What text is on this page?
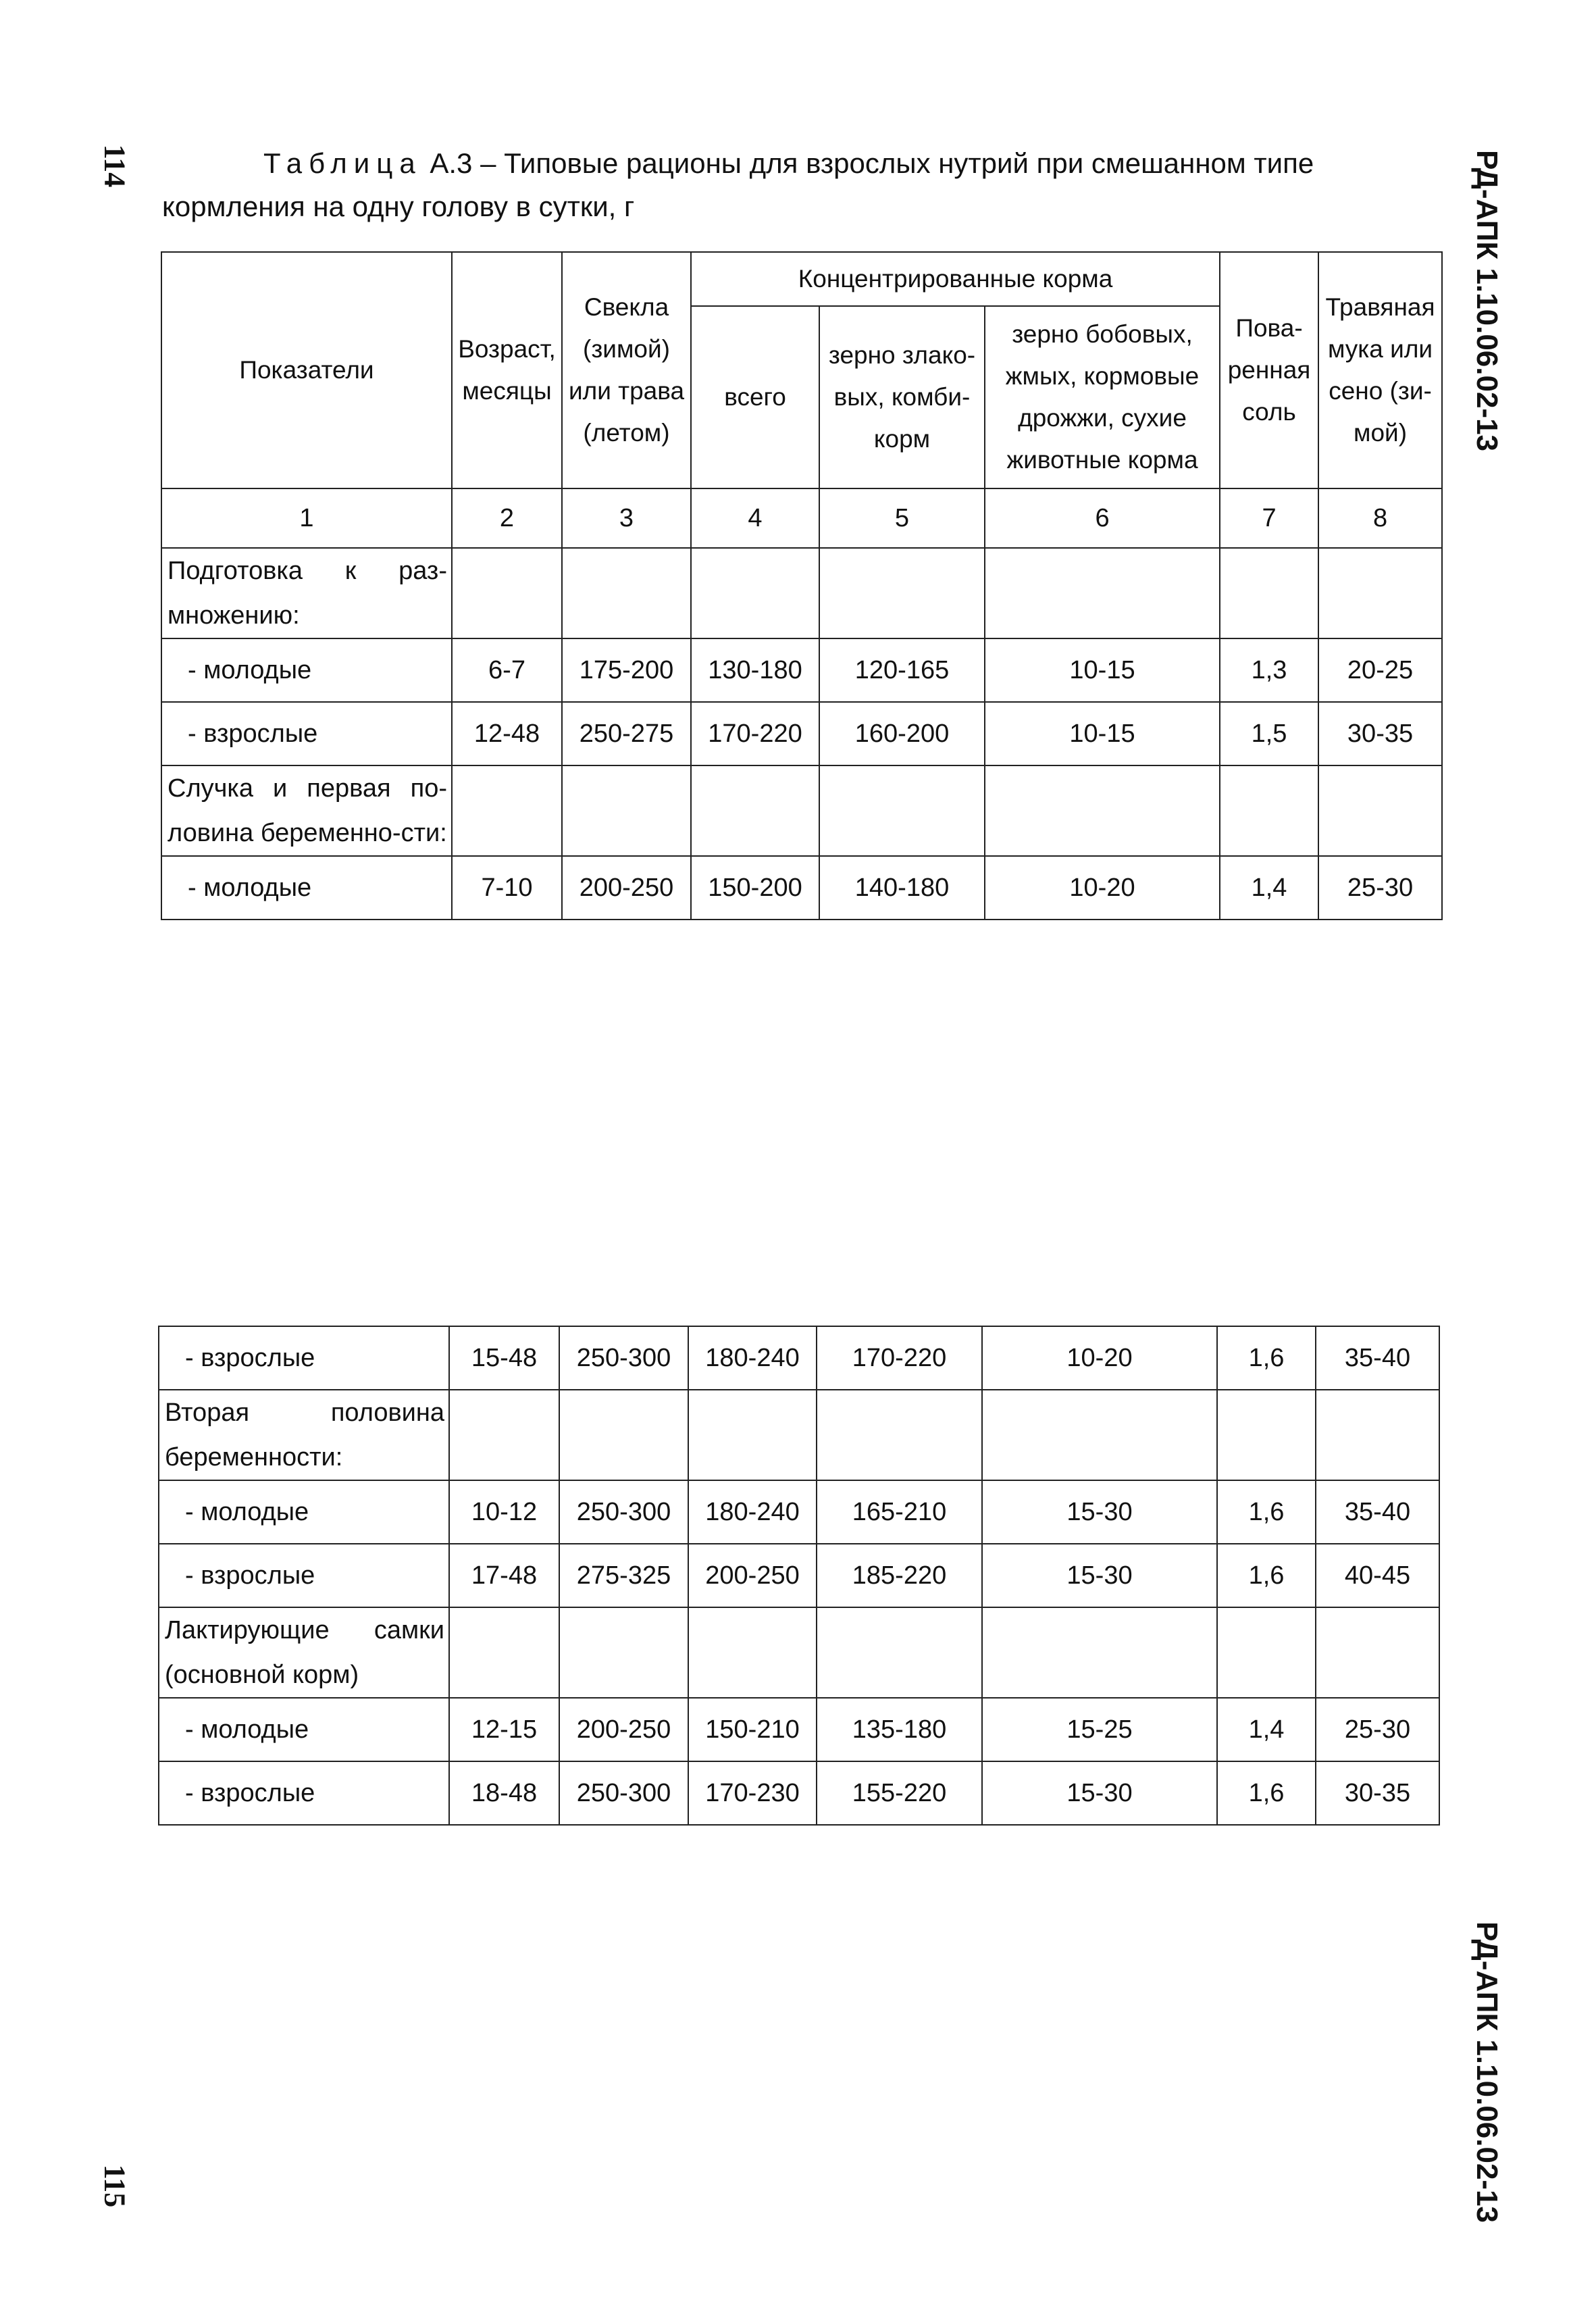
114
115
РД-АПК 1.10.06.02-13
РД-АПК 1.10.06.02-13
Таблица А.3 – Типовые рационы для взрослых нутрий при смешанном типе
кормления на одну голову в сутки, г
Показатели	Возраст, месяцы	Свекла (зимой) или трава (летом)	Концентрированные корма			Пова-ренная соль	Травяная мука или сено (зи-мой)
			всего	зерно злако-вых, комби-корм	зерно бобовых, жмых, кормовые дрожжи, сухие животные корма		
1	2	3	4	5	6	7	8
Подготовка к раз-множению:							
- молодые	6-7	175-200	130-180	120-165	10-15	1,3	20-25
- взрослые	12-48	250-275	170-220	160-200	10-15	1,5	30-35
Случка и первая по-ловина беременно-сти:							
- молодые	7-10	200-250	150-200	140-180	10-20	1,4	25-30
- взрослые	15-48	250-300	180-240	170-220	10-20	1,6	35-40
Вторая половина беременности:							
- молодые	10-12	250-300	180-240	165-210	15-30	1,6	35-40
- взрослые	17-48	275-325	200-250	185-220	15-30	1,6	40-45
Лактирующие самки (основной корм)							
- молодые	12-15	200-250	150-210	135-180	15-25	1,4	25-30
- взрослые	18-48	250-300	170-230	155-220	15-30	1,6	30-35
